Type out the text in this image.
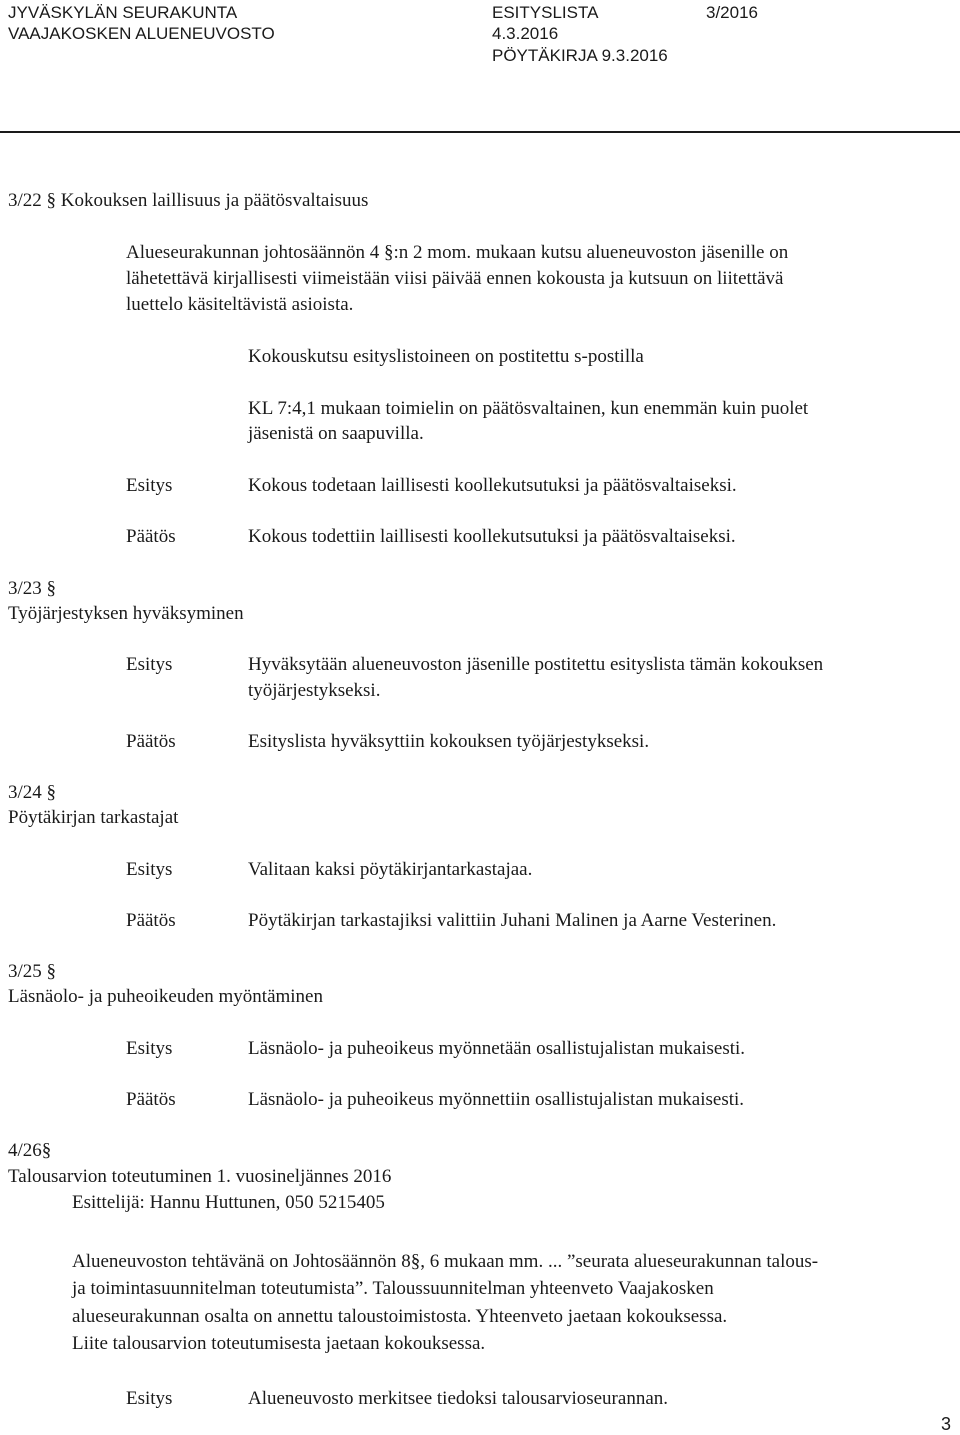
JYVÄSKYLÄN SEURAKUNTA
VAAJAKOSKEN ALUENEUVOSTO
ESITYSLISTA	3/2016
4.3.2016
PÖYTÄKIRJA 9.3.2016
3/22 § Kokouksen laillisuus ja päätösvaltaisuus
Alueseurakunnan johtosäännön 4 §:n 2 mom. mukaan kutsu alueneuvoston jäsenille on
lähetettävä kirjallisesti viimeistään viisi päivää ennen kokousta ja kutsuun on liitettävä
luettelo käsiteltävistä asioista.
Kokouskutsu esityslistoineen on postitettu s-postilla
KL 7:4,1 mukaan toimielin on päätösvaltainen, kun enemmän kuin puolet
jäsenistä on saapuvilla.
Esitys	Kokous todetaan laillisesti koollekutsutuksi ja päätösvaltaiseksi.
Päätös	Kokous todettiin laillisesti koollekutsutuksi ja päätösvaltaiseksi.
3/23 §
Työjärjestyksen hyväksyminen
Esitys	Hyväksytään alueneuvoston jäsenille postitettu esityslista tämän kokouksen
työjärjestykseksi.
Päätös	Esityslista hyväksyttiin kokouksen työjärjestykseksi.
3/24 §
Pöytäkirjan tarkastajat
Esitys	Valitaan kaksi pöytäkirjantarkastajaa.
Päätös	Pöytäkirjan tarkastajiksi valittiin Juhani Malinen ja Aarne Vesterinen.
3/25 §
Läsnäolo- ja puheoikeuden myöntäminen
Esitys	Läsnäolo- ja puheoikeus myönnetään osallistujalistan mukaisesti.
Päätös	Läsnäolo- ja puheoikeus myönnettiin osallistujalistan mukaisesti.
4/26§
Talousarvion toteutuminen 1. vuosineljännes 2016
Esittelijä: Hannu Huttunen, 050 5215405
Alueneuvoston tehtävänä on Johtosäännön 8§, 6 mukaan mm. ... ”seurata alueseurakunnan talous-
ja toimintasuunnitelman toteutumista”. Taloussuunnitelman yhteenveto Vaajakosken
alueseurakunnan osalta on annettu taloustoimistosta. Yhteenveto jaetaan kokouksessa.
Liite talousarvion toteutumisesta jaetaan kokouksessa.
Esitys	Alueneuvosto merkitsee tiedoksi talousarvioseurannan.
3
